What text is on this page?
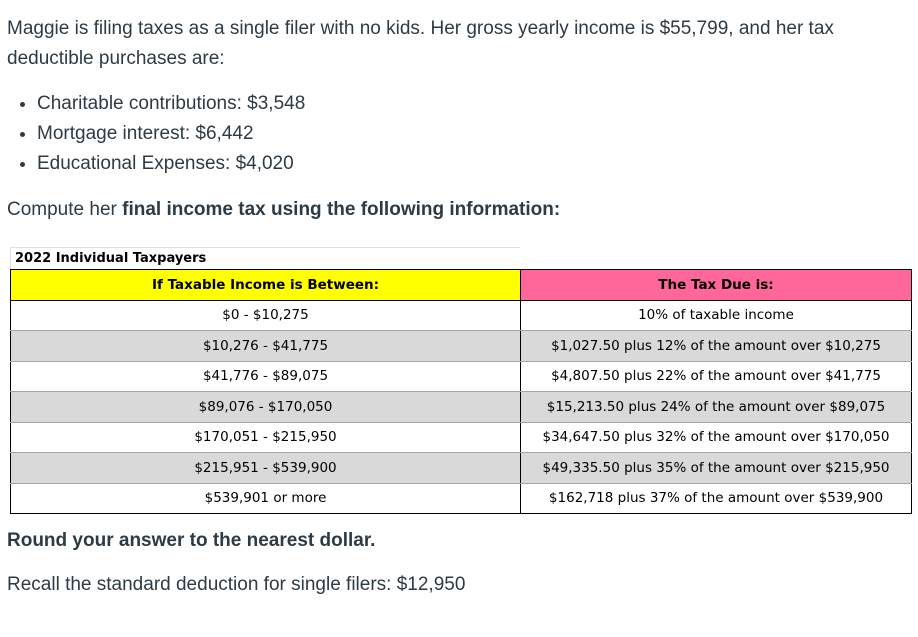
Maggie is filing taxes as a single filer with no kids. Her gross yearly income is $55,799, and her tax deductible purchases are:

Charitable contributions: $3,548
Mortgage interest: $6,442
Educational Expenses: $4,020

Compute her final income tax using the following information:

2022 Individual Taxpayers
If Taxable Income is Between:	The Tax Due is:
$0 - $10,275	10% of taxable income
$10,276 - $41,775	$1,027.50 plus 12% of the amount over $10,275
$41,776 - $89,075	$4,807.50 plus 22% of the amount over $41,775
$89,076 - $170,050	$15,213.50 plus 24% of the amount over $89,075
$170,051 - $215,950	$34,647.50 plus 32% of the amount over $170,050
$215,951 - $539,900	$49,335.50 plus 35% of the amount over $215,950
$539,901 or more	$162,718 plus 37% of the amount over $539,900

Round your answer to the nearest dollar.

Recall the standard deduction for single filers: $12,950
